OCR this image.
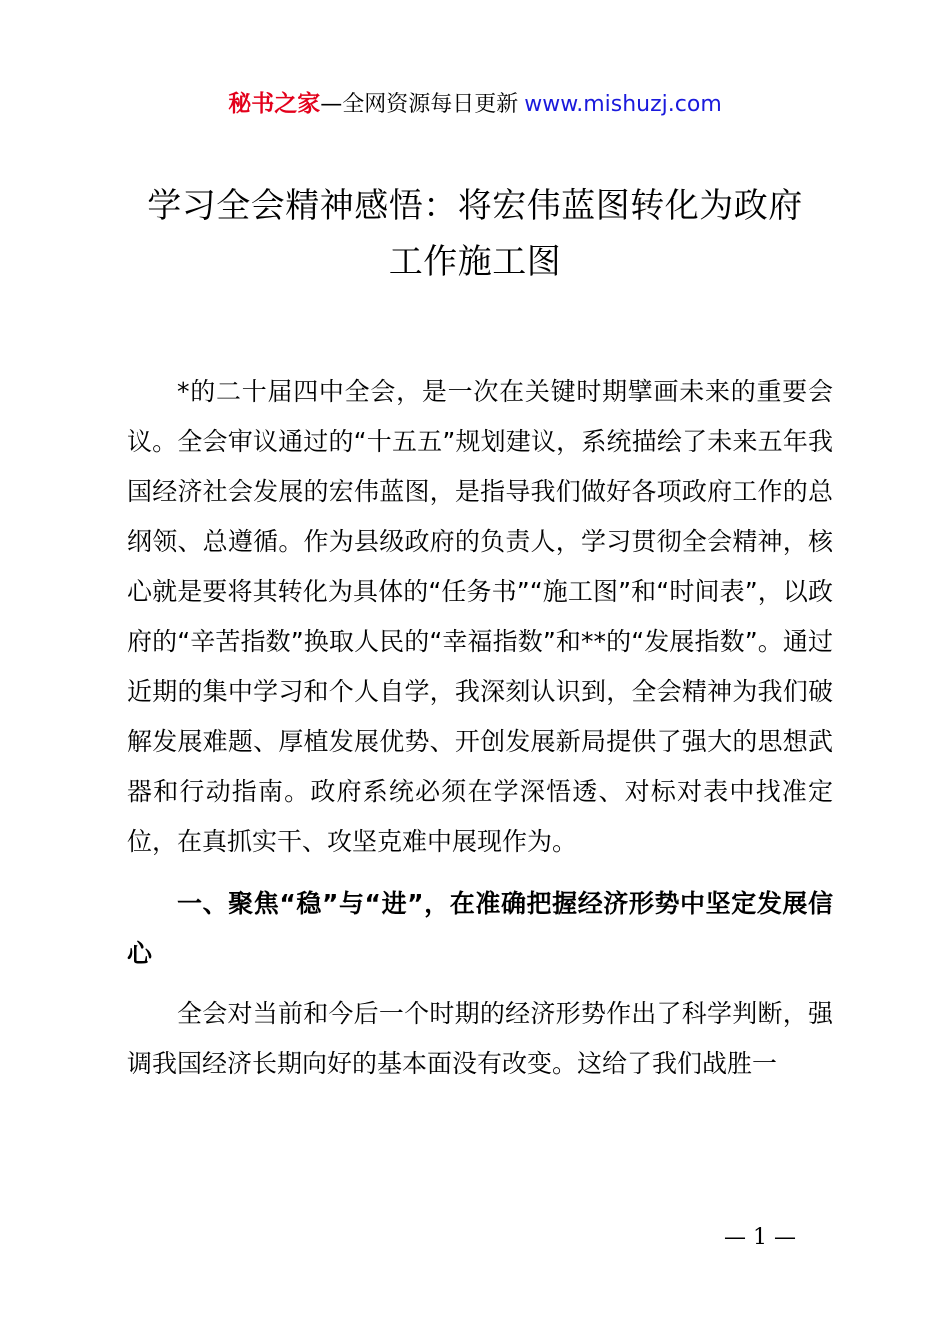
秘书之家—全网资源每日更新 www.mishuzj.com
学习全会精神感悟：将宏伟蓝图转化为政府
工作施工图

*的二十届四中全会，是一次在关键时期擘画未来的重要会议。全会审议通过的“十五五”规划建议，系统描绘了未来五年我国经济社会发展的宏伟蓝图，是指导我们做好各项政府工作的总纲领、总遵循。作为县级政府的负责人，学习贯彻全会精神，核心就是要将其转化为具体的“任务书”“施工图”和“时间表”，以政府的“辛苦指数”换取人民的“幸福指数”和**的“发展指数”。通过近期的集中学习和个人自学，我深刻认识到，全会精神为我们破解发展难题、厚植发展优势、开创发展新局提供了强大的思想武器和行动指南。政府系统必须在学深悟透、对标对表中找准定位，在真抓实干、攻坚克难中展现作为。

一、聚焦“稳”与“进”，在准确把握经济形势中坚定发展信心

全会对当前和今后一个时期的经济形势作出了科学判断，强调我国经济长期向好的基本面没有改变。这给了我们战胜一

— 1 —
